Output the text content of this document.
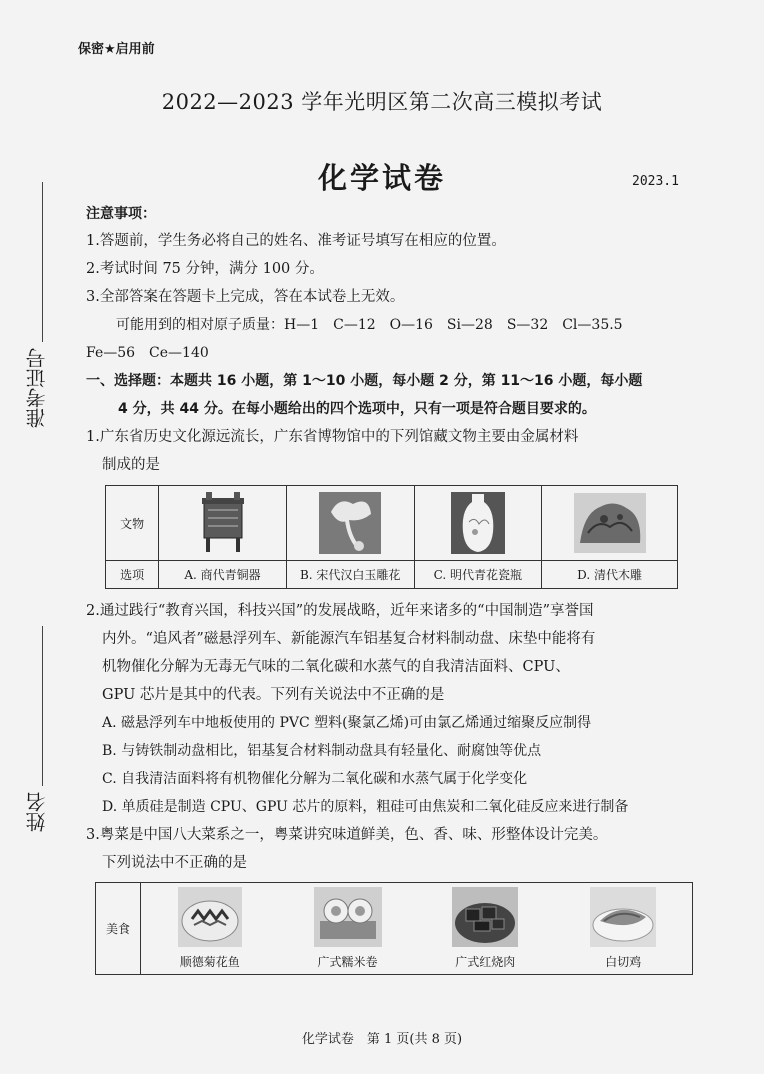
保密★启用前
2022—2023 学年光明区第二次高三模拟考试
化学试卷	2023.1
准考证号
姓名
注意事项：
1.答题前，学生务必将自己的姓名、准考证号填写在相应的位置。
2.考试时间 75 分钟，满分 100 分。
3.全部答案在答题卡上完成，答在本试卷上无效。
可能用到的相对原子质量：H—1　C—12　O—16　Si—28　S—32　Cl—35.5
Fe—56　Ce—140
一、选择题：本题共 16 小题，第 1～10 小题，每小题 2 分，第 11～16 小题，每小题
4 分，共 44 分。在每小题给出的四个选项中，只有一项是符合题目要求的。
1.广东省历史文化源远流长，广东省博物馆中的下列馆藏文物主要由金属材料
制成的是
文物	

选项	A. 商代青铜器	B. 宋代汉白玉雕花	C. 明代青花瓷瓶	D. 清代木雕
2.通过践行“教育兴国，科技兴国”的发展战略，近年来诸多的“中国制造”享誉国
内外。“追风者”磁悬浮列车、新能源汽车铝基复合材料制动盘、床垫中能将有
机物催化分解为无毒无气味的二氧化碳和水蒸气的自我清洁面料、CPU、
GPU 芯片是其中的代表。下列有关说法中不正确的是
A. 磁悬浮列车中地板使用的 PVC 塑料(聚氯乙烯)可由氯乙烯通过缩聚反应制得
B. 与铸铁制动盘相比，铝基复合材料制动盘具有轻量化、耐腐蚀等优点
C. 自我清洁面料将有机物催化分解为二氧化碳和水蒸气属于化学变化
D. 单质硅是制造 CPU、GPU 芯片的原料，粗硅可由焦炭和二氧化硅反应来进行制备
3.粤菜是中国八大菜系之一，粤菜讲究味道鲜美，色、香、味、形整体设计完美。
下列说法中不正确的是
美食	
顺德菊花鱼	广式糯米卷	广式红烧肉	白切鸡
化学试卷　第 1 页(共 8 页)
